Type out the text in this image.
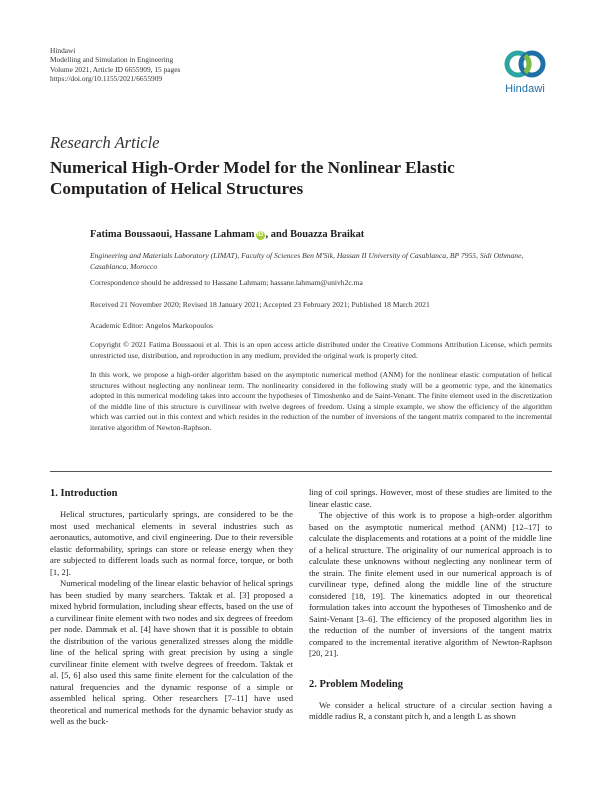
Hindawi
Modelling and Simulation in Engineering
Volume 2021, Article ID 6655909, 15 pages
https://doi.org/10.1155/2021/6655909
Hindawi
Research Article
Numerical High-Order Model for the Nonlinear Elastic Computation of Helical Structures
Fatima Boussaoui, Hassane Lahmam iD , and Bouazza Braikat
Engineering and Materials Laboratory (LIMAT), Faculty of Sciences Ben M'Sik, Hassan II University of Casablanca, BP 7955, Sidi Othmane, Casablanca, Morocco
Correspondence should be addressed to Hassane Lahmam; hassane.lahmam@univh2c.ma
Received 21 November 2020; Revised 18 January 2021; Accepted 23 February 2021; Published 18 March 2021
Academic Editor: Angelos Markopoulos
Copyright © 2021 Fatima Boussaoui et al. This is an open access article distributed under the Creative Commons Attribution License, which permits unrestricted use, distribution, and reproduction in any medium, provided the original work is properly cited.
In this work, we propose a high-order algorithm based on the asymptotic numerical method (ANM) for the nonlinear elastic computation of helical structures without neglecting any nonlinear term. The nonlinearity considered in the following study will be a geometric type, and the kinematics adopted in this numerical modeling takes into account the hypotheses of Timoshenko and de Saint-Venant. The finite element used in the discretization of the middle line of this structure is curvilinear with twelve degrees of freedom. Using a simple example, we show the efficiency of the algorithm which was carried out in this context and which resides in the reduction of the number of inversions of the tangent matrix compared to the incremental iterative algorithm of Newton-Raphson.
1. Introduction

Helical structures, particularly springs, are considered to be the most used mechanical elements in several industries such as aeronautics, automotive, and civil engineering. Due to their reversible elastic deformability, springs can store or release energy when they are subjected to different loads such as normal force, torque, or both [1, 2].

Numerical modeling of the linear elastic behavior of helical springs has been studied by many searchers. Taktak et al. [3] proposed a mixed hybrid formulation, including shear effects, based on the use of a curvilinear finite element with two nodes and six degrees of freedom per node. Dammak et al. [4] have shown that it is possible to obtain the distribution of the various generalized stresses along the middle line of the helical spring with great precision by using a single curvilinear finite element with twelve degrees of freedom. Taktak et al. [5, 6] also used this same finite element for the calculation of the natural frequencies and the dynamic response of a simple or assembled helical spring. Other researchers [7–11] have used theoretical and numerical methods for the dynamic behavior study as well as the buck-

ling of coil springs. However, most of these studies are limited to the linear elastic case.

The objective of this work is to propose a high-order algorithm based on the asymptotic numerical method (ANM) [12–17] to calculate the displacements and rotations at a point of the middle line of a helical structure. The originality of our numerical approach is to calculate these unknowns without neglecting any nonlinear term of the strain. The finite element used in our numerical approach is of curvilinear type, defined along the middle line of the structure considered [18, 19]. The kinematics adopted in our theoretical formulation takes into account the hypotheses of Timoshenko and de Saint-Venant [3–6]. The efficiency of the proposed algorithm lies in the reduction of the number of inversions of the tangent matrix compared to the incremental iterative algorithm of Newton-Raphson [20, 21].

2. Problem Modeling

We consider a helical structure of a circular section having a middle radius R, a constant pitch h, and a length L as shown
